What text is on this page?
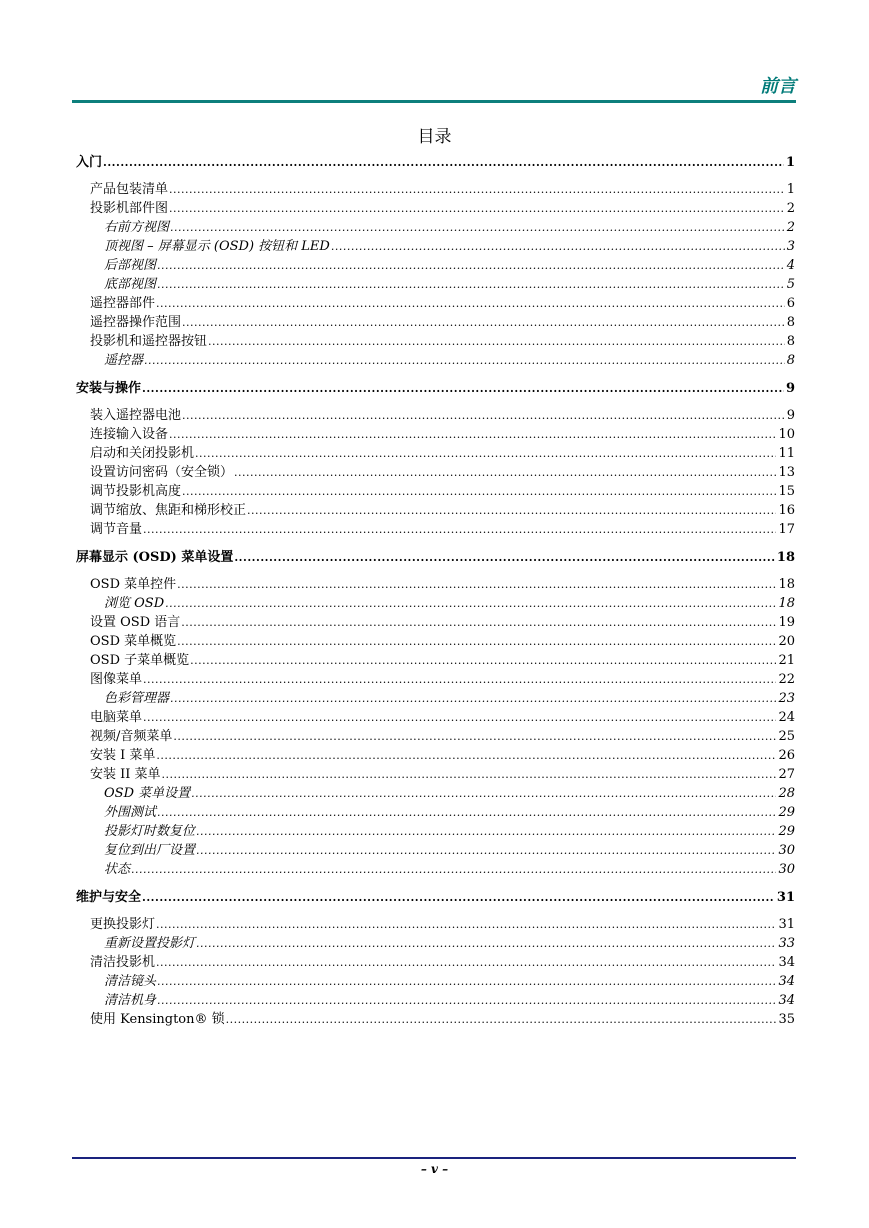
前言
目录
入门 .....	1
产品包装清单 .....	1
投影机部件图 .....	2
右前方视图 .....	2
顶视图 – 屏幕显示 (OSD) 按钮和 LED .....	3
后部视图 .....	4
底部视图 .....	5
遥控器部件 .....	6
遥控器操作范围 .....	8
投影机和遥控器按钮 .....	8
遥控器 .....	8
安装与操作 .....	9
装入遥控器电池 .....	9
连接输入设备 .....	10
启动和关闭投影机 .....	11
设置访问密码（安全锁） .....	13
调节投影机高度 .....	15
调节缩放、焦距和梯形校正 .....	16
调节音量 .....	17
屏幕显示 (OSD) 菜单设置 .....	18
OSD 菜单控件 .....	18
浏览 OSD .....	18
设置 OSD 语言 .....	19
OSD 菜单概览 .....	20
OSD 子菜单概览 .....	21
图像菜单 .....	22
色彩管理器 .....	23
电脑菜单 .....	24
视频/音频菜单 .....	25
安装 I 菜单 .....	26
安装 II 菜单 .....	27
OSD 菜单设置 .....	28
外围测试 .....	29
投影灯时数复位 .....	29
复位到出厂设置 .....	30
状态 .....	30
维护与安全 .....	31
更换投影灯 .....	31
重新设置投影灯 .....	33
清洁投影机 .....	34
清洁镜头 .....	34
清洁机身 .....	34
使用 Kensington® 锁 .....	35
– v –
